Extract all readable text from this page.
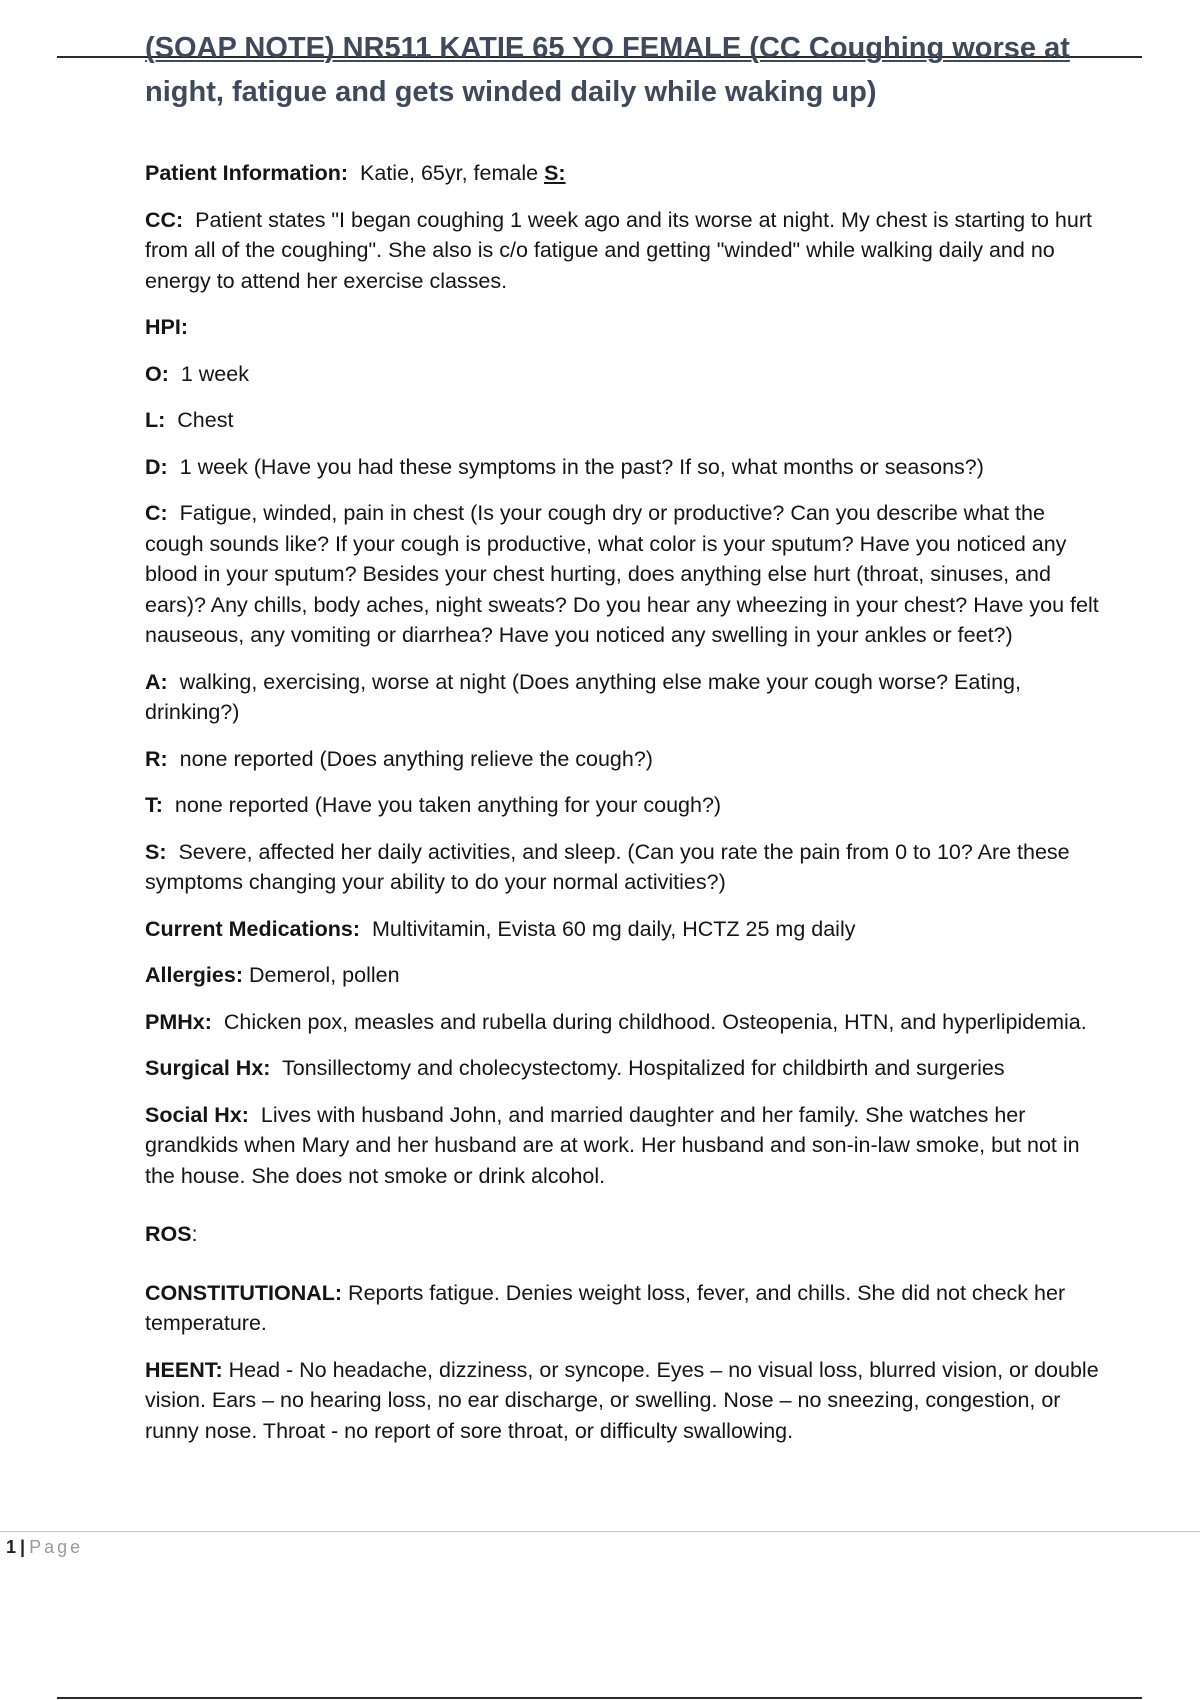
(SOAP NOTE) NR511 KATIE 65 YO FEMALE (CC Coughing worse at
night, fatigue and gets winded daily while waking up)

Patient Information: Katie, 65yr, female S:

CC: Patient states "I began coughing 1 week ago and its worse at night. My chest is starting to hurt from all of the coughing". She also is c/o fatigue and getting "winded" while walking daily and no energy to attend her exercise classes.

HPI:

O: 1 week

L: Chest

D: 1 week (Have you had these symptoms in the past? If so, what months or seasons?)

C: Fatigue, winded, pain in chest (Is your cough dry or productive? Can you describe what the cough sounds like? If your cough is productive, what color is your sputum? Have you noticed any blood in your sputum? Besides your chest hurting, does anything else hurt (throat, sinuses, and ears)? Any chills, body aches, night sweats? Do you hear any wheezing in your chest? Have you felt nauseous, any vomiting or diarrhea? Have you noticed any swelling in your ankles or feet?)

A: walking, exercising, worse at night (Does anything else make your cough worse? Eating, drinking?)

R: none reported (Does anything relieve the cough?)

T: none reported (Have you taken anything for your cough?)

S: Severe, affected her daily activities, and sleep. (Can you rate the pain from 0 to 10? Are these symptoms changing your ability to do your normal activities?)

Current Medications: Multivitamin, Evista 60 mg daily, HCTZ 25 mg daily

Allergies: Demerol, pollen

PMHx: Chicken pox, measles and rubella during childhood. Osteopenia, HTN, and hyperlipidemia.

Surgical Hx: Tonsillectomy and cholecystectomy. Hospitalized for childbirth and surgeries

Social Hx: Lives with husband John, and married daughter and her family. She watches her grandkids when Mary and her husband are at work. Her husband and son-in-law smoke, but not in the house. She does not smoke or drink alcohol.

ROS:

CONSTITUTIONAL: Reports fatigue. Denies weight loss, fever, and chills. She did not check her temperature.

HEENT: Head - No headache, dizziness, or syncope. Eyes – no visual loss, blurred vision, or double vision. Ears – no hearing loss, no ear discharge, or swelling. Nose – no sneezing, congestion, or runny nose. Throat - no report of sore throat, or difficulty swallowing.

1 | Page
